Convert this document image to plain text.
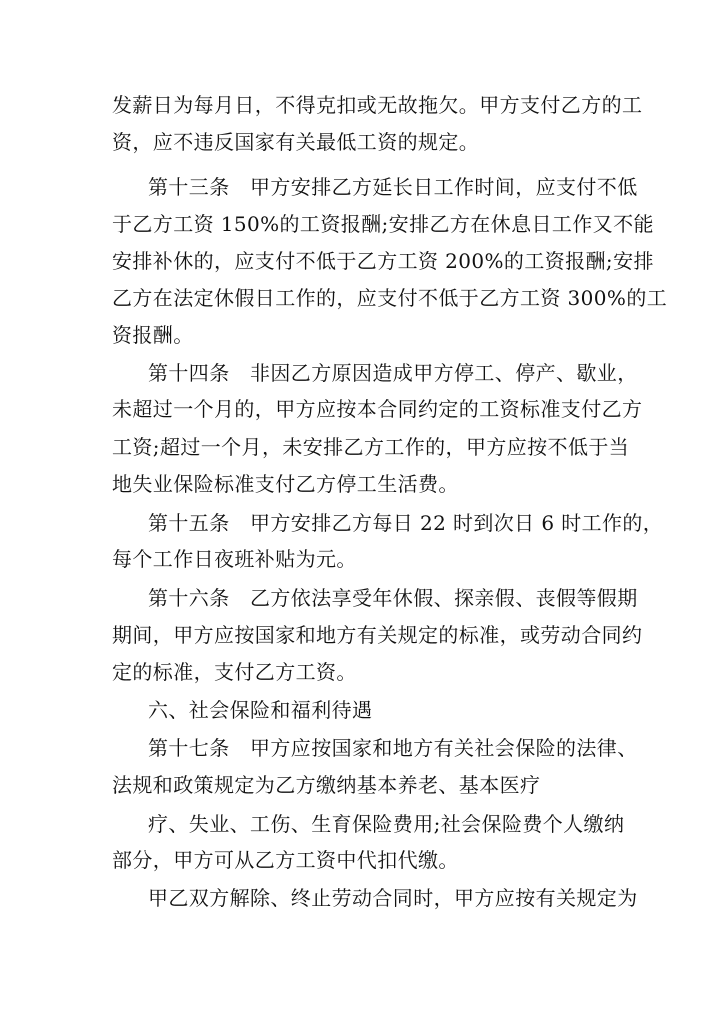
发薪日为每月日，不得克扣或无故拖欠。甲方支付乙方的工
资，应不违反国家有关最低工资的规定。
第十三条　甲方安排乙方延长日工作时间，应支付不低
于乙方工资 150%的工资报酬;安排乙方在休息日工作又不能
安排补休的，应支付不低于乙方工资 200%的工资报酬;安排
乙方在法定休假日工作的，应支付不低于乙方工资 300%的工
资报酬。
第十四条　非因乙方原因造成甲方停工、停产、歇业，
未超过一个月的，甲方应按本合同约定的工资标准支付乙方
工资;超过一个月，未安排乙方工作的，甲方应按不低于当
地失业保险标准支付乙方停工生活费。
第十五条　甲方安排乙方每日 22 时到次日 6 时工作的，
每个工作日夜班补贴为元。
第十六条　乙方依法享受年休假、探亲假、丧假等假期
期间，甲方应按国家和地方有关规定的标准，或劳动合同约
定的标准，支付乙方工资。
六、社会保险和福利待遇
第十七条　甲方应按国家和地方有关社会保险的法律、
法规和政策规定为乙方缴纳基本养老、基本医疗
疗、失业、工伤、生育保险费用;社会保险费个人缴纳
部分，甲方可从乙方工资中代扣代缴。
甲乙双方解除、终止劳动合同时，甲方应按有关规定为
